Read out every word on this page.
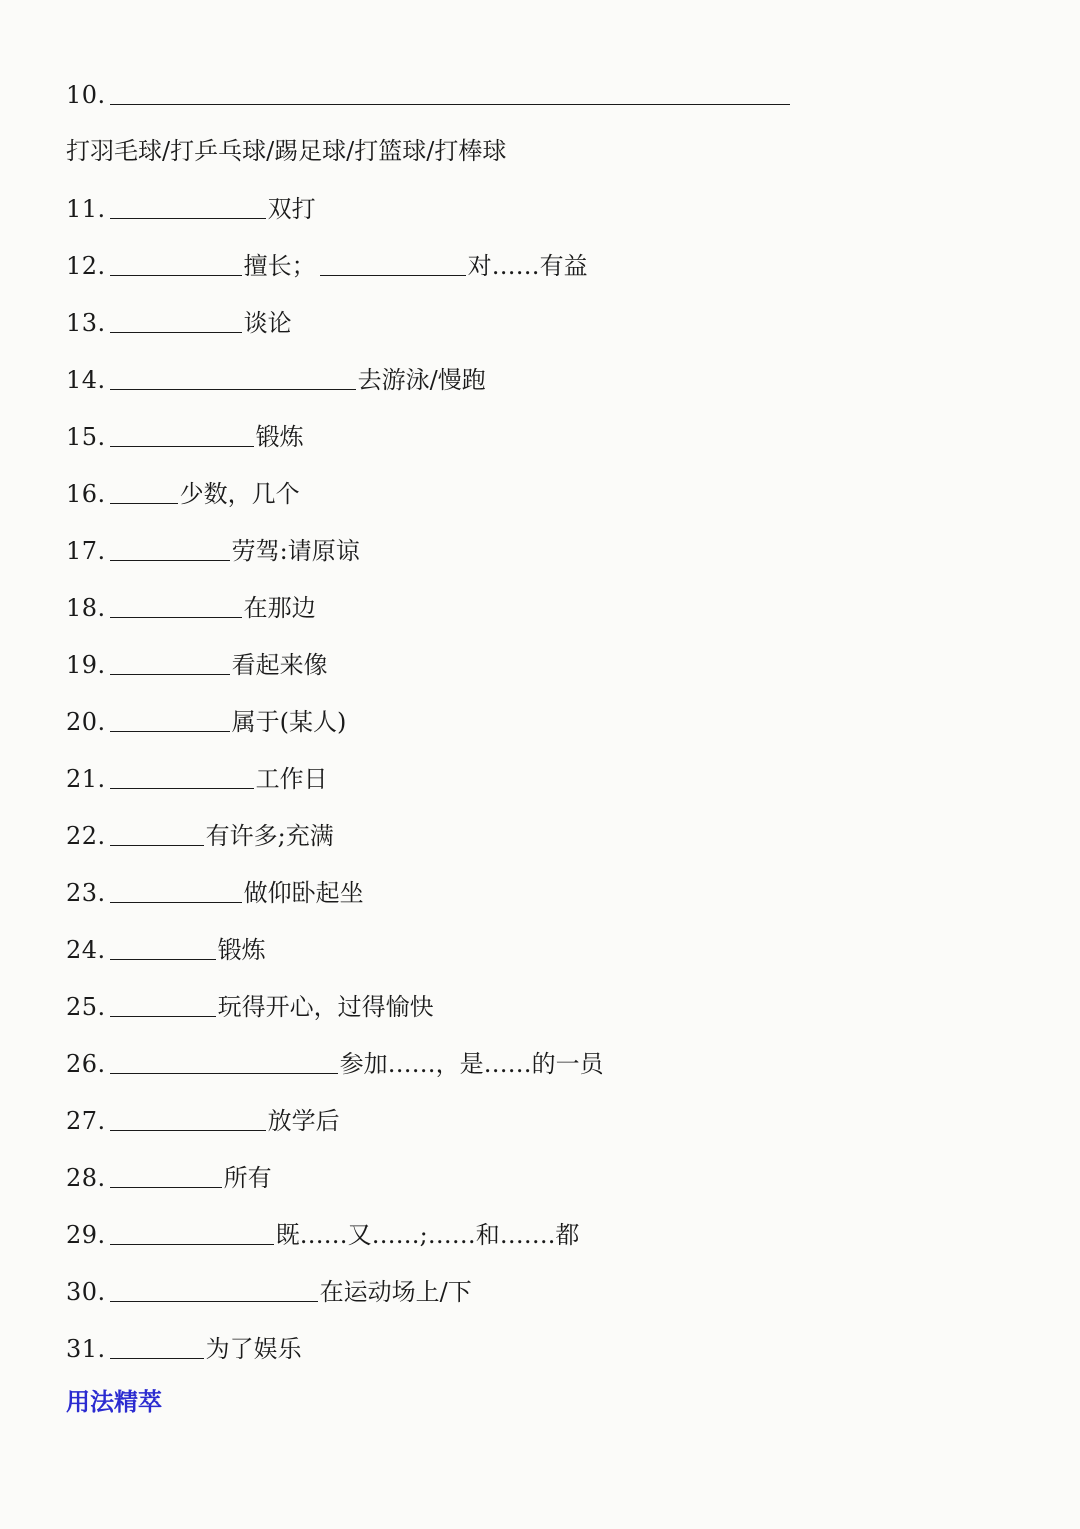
10.
打羽毛球/打乒乓球/踢足球/打篮球/打棒球
11.	双打
12.	擅长；	对……有益
13.	谈论
14.	去游泳/慢跑
15.	锻炼
16.	少数，几个
17.	劳驾:请原谅
18.	在那边
19.	看起来像
20.	属于(某人)
21.	工作日
22.	有许多;充满
23.	做仰卧起坐
24.	锻炼
25.	玩得开心，过得愉快
26.	参加……，是……的一员
27.	放学后
28.	所有
29.	既……又……;……和…….都
30.	在运动场上/下
31.	为了娱乐
用法精萃
